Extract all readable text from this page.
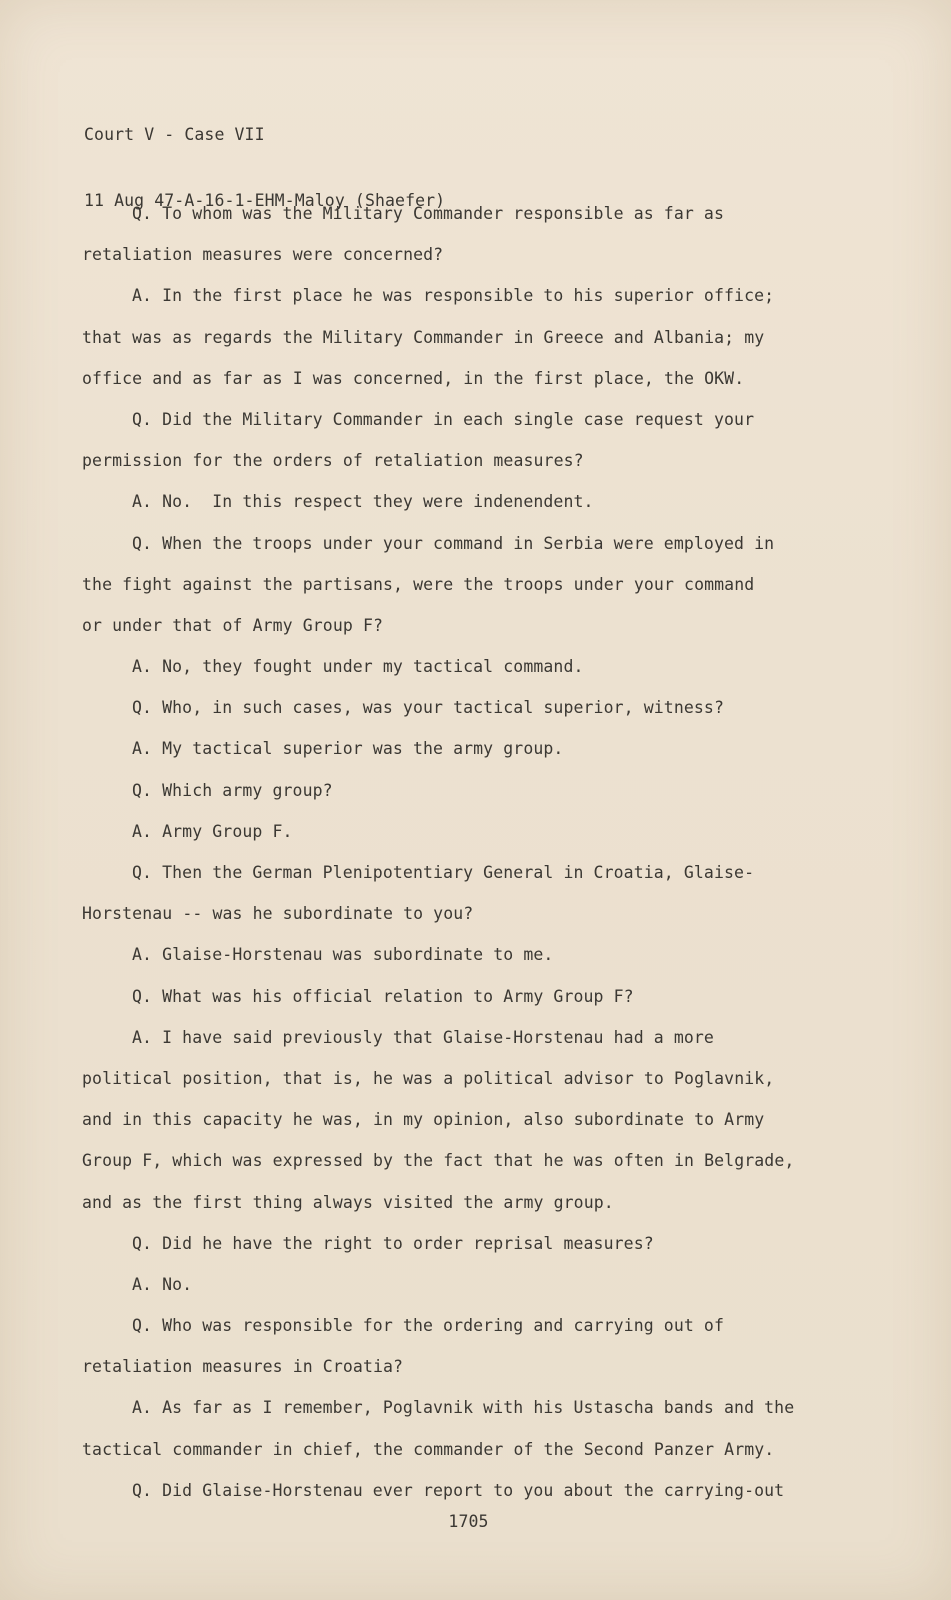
Court V - Case VII

11 Aug 47-A-16-1-EHM-Maloy (Shaefer)

Q. To whom was the Military Commander responsible as far as
retaliation measures were concerned?
A. In the first place he was responsible to his superior office;
that was as regards the Military Commander in Greece and Albania; my
office and as far as I was concerned, in the first place, the OKW.
Q. Did the Military Commander in each single case request your
permission for the orders of retaliation measures?
A. No.  In this respect they were indenendent.
Q. When the troops under your command in Serbia were employed in
the fight against the partisans, were the troops under your command
or under that of Army Group F?
A. No, they fought under my tactical command.
Q. Who, in such cases, was your tactical superior, witness?
A. My tactical superior was the army group.
Q. Which army group?
A. Army Group F.
Q. Then the German Plenipotentiary General in Croatia, Glaise-
Horstenau -- was he subordinate to you?
A. Glaise-Horstenau was subordinate to me.
Q. What was his official relation to Army Group F?
A. I have said previously that Glaise-Horstenau had a more
political position, that is, he was a political advisor to Poglavnik,
and in this capacity he was, in my opinion, also subordinate to Army
Group F, which was expressed by the fact that he was often in Belgrade,
and as the first thing always visited the army group.
Q. Did he have the right to order reprisal measures?
A. No.
Q. Who was responsible for the ordering and carrying out of
retaliation measures in Croatia?
A. As far as I remember, Poglavnik with his Ustascha bands and the
tactical commander in chief, the commander of the Second Panzer Army.
Q. Did Glaise-Horstenau ever report to you about the carrying-out
1705
